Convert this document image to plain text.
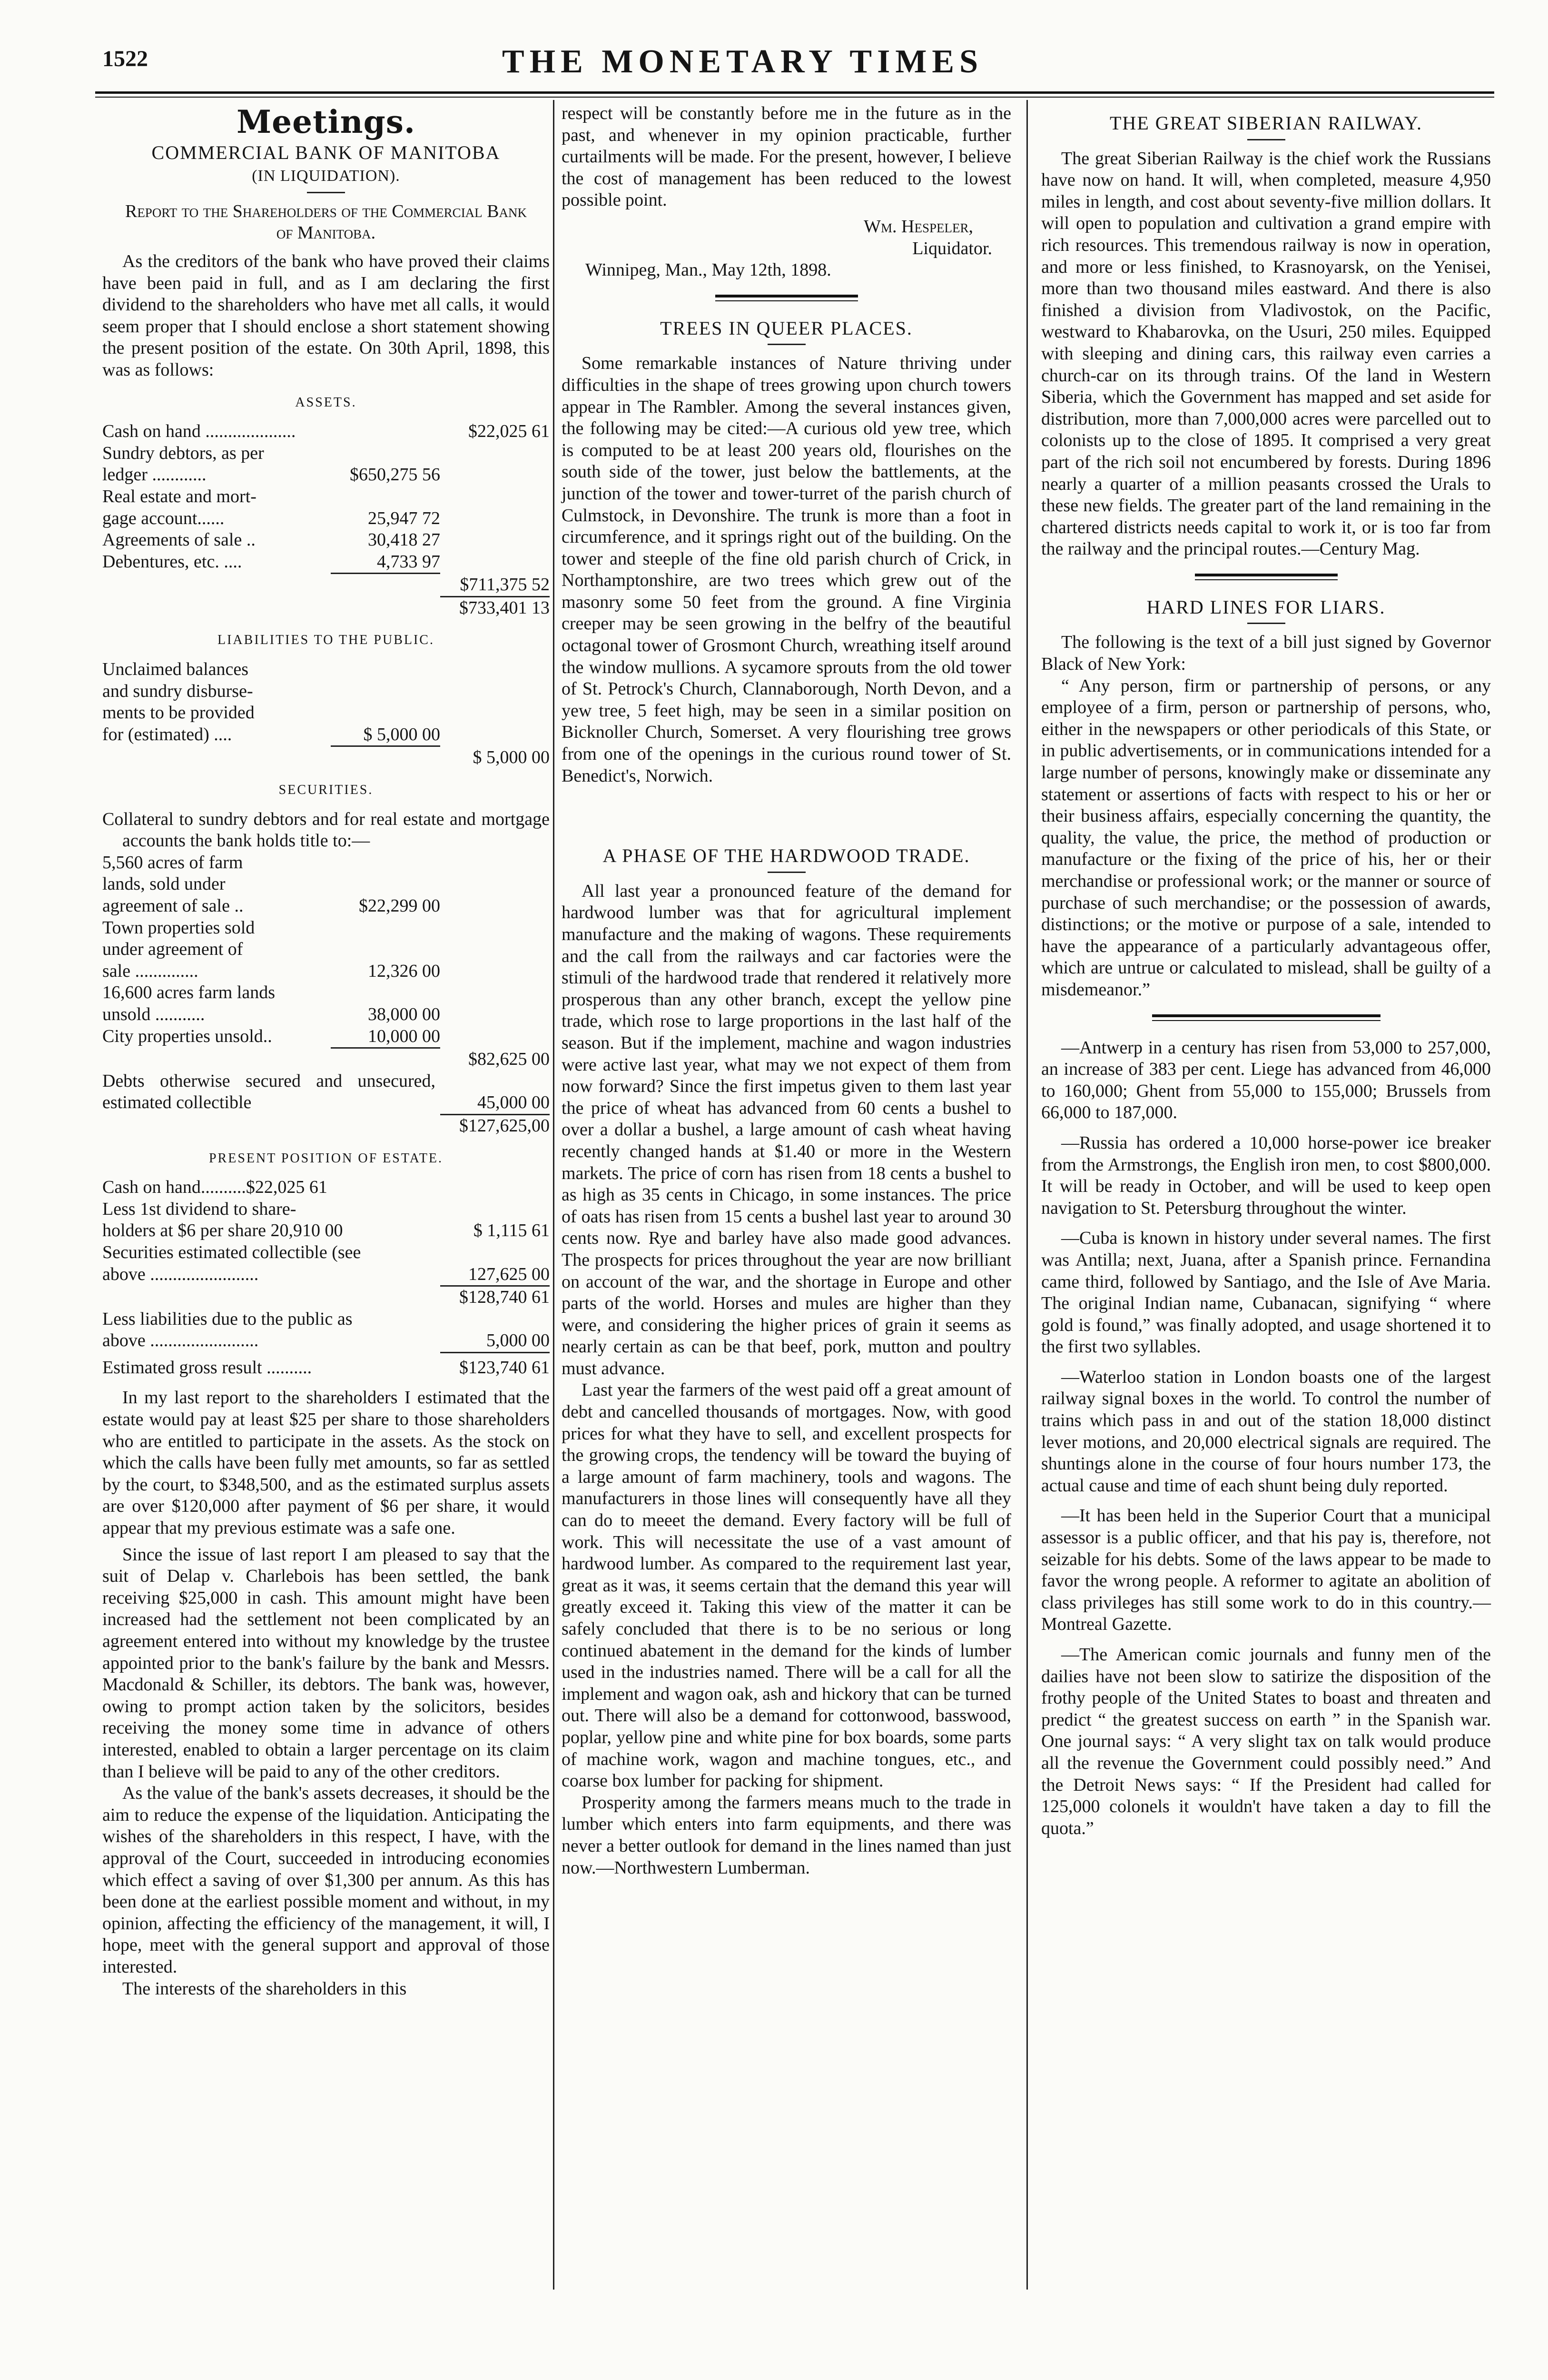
1522	THE MONETARY TIMES
Meetings.
COMMERCIAL BANK OF MANITOBA
(IN LIQUIDATION).

Report to the Shareholders of the Commercial Bank of Manitoba.

As the creditors of the bank who have proved their claims have been paid in full, and as I am declaring the first dividend to the shareholders who have met all calls, it would seem proper that I should enclose a short statement showing the present position of the estate. On 30th April, 1898, this was as follows:

ASSETS.
Cash on hand ....................	$22,025 61
Sundry debtors, as per
ledger ............	$650,275 56
Real estate and mort-
gage account......	25,947 72
Agreements of sale ..	30,418 27
Debentures, etc. ....	4,733 97
$711,375 52
$733,401 13
LIABILITIES TO THE PUBLIC.
Unclaimed balances
and sundry disburse-
ments to be provided
for (estimated) ....	$ 5,000 00
$ 5,000 00
SECURITIES.

Collateral to sundry debtors and for real estate and mortgage accounts the bank holds title to:—

5,560 acres of farm
lands, sold under
agreement of sale ..	$22,299 00
Town properties sold
under agreement of
sale ..............	12,326 00
16,600 acres farm lands
unsold ...........	38,000 00
City properties unsold..	10,000 00
$82,625 00
Debts otherwise secured and unsecured, estimated collectible	45,000 00
$127,625,00
PRESENT POSITION OF ESTATE.
Cash on hand..........$22,025 61
Less 1st dividend to share-
holders at $6 per share 20,910 00	$ 1,115 61
Securities estimated collectible (see
above ........................	127,625 00
$128,740 61
Less liabilities due to the public as
above ........................	5,000 00
Estimated gross result ..........	$123,740 61

In my last report to the shareholders I estimated that the estate would pay at least $25 per share to those shareholders who are entitled to participate in the assets. As the stock on which the calls have been fully met amounts, so far as settled by the court, to $348,500, and as the estimated surplus assets are over $120,000 after payment of $6 per share, it would appear that my previous estimate was a safe one.

Since the issue of last report I am pleased to say that the suit of Delap v. Charlebois has been settled, the bank receiving $25,000 in cash. This amount might have been increased had the settlement not been complicated by an agreement entered into without my knowledge by the trustee appointed prior to the bank's failure by the bank and Messrs. Macdonald & Schiller, its debtors. The bank was, however, owing to prompt action taken by the solicitors, besides receiving the money some time in advance of others interested, enabled to obtain a larger percentage on its claim than I believe will be paid to any of the other creditors.

As the value of the bank's assets decreases, it should be the aim to reduce the expense of the liquidation. Anticipating the wishes of the shareholders in this respect, I have, with the approval of the Court, succeeded in introducing economies which effect a saving of over $1,300 per annum. As this has been done at the earliest possible moment and without, in my opinion, affecting the efficiency of the management, it will, I hope, meet with the general support and approval of those interested.

The interests of the shareholders in this

respect will be constantly before me in the future as in the past, and whenever in my opinion practicable, further curtailments will be made. For the present, however, I believe the cost of management has been reduced to the lowest possible point.

Wm. Hespeler,
Liquidator.

Winnipeg, Man., May 12th, 1898.

TREES IN QUEER PLACES.

Some remarkable instances of Nature thriving under difficulties in the shape of trees growing upon church towers appear in The Rambler. Among the several instances given, the following may be cited:—A curious old yew tree, which is computed to be at least 200 years old, flourishes on the south side of the tower, just below the battlements, at the junction of the tower and tower-turret of the parish church of Culmstock, in Devonshire. The trunk is more than a foot in circumference, and it springs right out of the building. On the tower and steeple of the fine old parish church of Crick, in Northamptonshire, are two trees which grew out of the masonry some 50 feet from the ground. A fine Virginia creeper may be seen growing in the belfry of the beautiful octagonal tower of Grosmont Church, wreathing itself around the window mullions. A sycamore sprouts from the old tower of St. Petrock's Church, Clannaborough, North Devon, and a yew tree, 5 feet high, may be seen in a similar position on Bicknoller Church, Somerset. A very flourishing tree grows from one of the openings in the curious round tower of St. Benedict's, Norwich.

A PHASE OF THE HARDWOOD TRADE.

All last year a pronounced feature of the demand for hardwood lumber was that for agricultural implement manufacture and the making of wagons. These requirements and the call from the railways and car factories were the stimuli of the hardwood trade that rendered it relatively more prosperous than any other branch, except the yellow pine trade, which rose to large proportions in the last half of the season. But if the implement, machine and wagon industries were active last year, what may we not expect of them from now forward? Since the first impetus given to them last year the price of wheat has advanced from 60 cents a bushel to over a dollar a bushel, a large amount of cash wheat having recently changed hands at $1.40 or more in the Western markets. The price of corn has risen from 18 cents a bushel to as high as 35 cents in Chicago, in some instances. The price of oats has risen from 15 cents a bushel last year to around 30 cents now. Rye and barley have also made good advances. The prospects for prices throughout the year are now brilliant on account of the war, and the shortage in Europe and other parts of the world. Horses and mules are higher than they were, and considering the higher prices of grain it seems as nearly certain as can be that beef, pork, mutton and poultry must advance.

Last year the farmers of the west paid off a great amount of debt and cancelled thousands of mortgages. Now, with good prices for what they have to sell, and excellent prospects for the growing crops, the tendency will be toward the buying of a large amount of farm machinery, tools and wagons. The manufacturers in those lines will consequently have all they can do to meeet the demand. Every factory will be full of work. This will necessitate the use of a vast amount of hardwood lumber. As compared to the requirement last year, great as it was, it seems certain that the demand this year will greatly exceed it. Taking this view of the matter it can be safely concluded that there is to be no serious or long continued abatement in the demand for the kinds of lumber used in the industries named. There will be a call for all the implement and wagon oak, ash and hickory that can be turned out. There will also be a demand for cottonwood, basswood, poplar, yellow pine and white pine for box boards, some parts of machine work, wagon and machine tongues, etc., and coarse box lumber for packing for shipment.

Prosperity among the farmers means much to the trade in lumber which enters into farm equipments, and there was never a better outlook for demand in the lines named than just now.—Northwestern Lumberman.

THE GREAT SIBERIAN RAILWAY.

The great Siberian Railway is the chief work the Russians have now on hand. It will, when completed, measure 4,950 miles in length, and cost about seventy-five million dollars. It will open to population and cultivation a grand empire with rich resources. This tremendous railway is now in operation, and more or less finished, to Krasnoyarsk, on the Yenisei, more than two thousand miles eastward. And there is also finished a division from Vladivostok, on the Pacific, westward to Khabarovka, on the Usuri, 250 miles. Equipped with sleeping and dining cars, this railway even carries a church-car on its through trains. Of the land in Western Siberia, which the Government has mapped and set aside for distribution, more than 7,000,000 acres were parcelled out to colonists up to the close of 1895. It comprised a very great part of the rich soil not encumbered by forests. During 1896 nearly a quarter of a million peasants crossed the Urals to these new fields. The greater part of the land remaining in the chartered districts needs capital to work it, or is too far from the railway and the principal routes.—Century Mag.

HARD LINES FOR LIARS.

The following is the text of a bill just signed by Governor Black of New York:

“ Any person, firm or partnership of persons, or any employee of a firm, person or partnership of persons, who, either in the newspapers or other periodicals of this State, or in public advertisements, or in communications intended for a large number of persons, knowingly make or disseminate any statement or assertions of facts with respect to his or her or their business affairs, especially concerning the quantity, the quality, the value, the price, the method of production or manufacture or the fixing of the price of his, her or their merchandise or professional work; or the manner or source of purchase of such merchandise; or the possession of awards, distinctions; or the motive or purpose of a sale, intended to have the appearance of a particularly advantageous offer, which are untrue or calculated to mislead, shall be guilty of a misdemeanor.”

—Antwerp in a century has risen from 53,000 to 257,000, an increase of 383 per cent. Liege has advanced from 46,000 to 160,000; Ghent from 55,000 to 155,000; Brussels from 66,000 to 187,000.

—Russia has ordered a 10,000 horse-power ice breaker from the Armstrongs, the English iron men, to cost $800,000. It will be ready in October, and will be used to keep open navigation to St. Petersburg throughout the winter.

—Cuba is known in history under several names. The first was Antilla; next, Juana, after a Spanish prince. Fernandina came third, followed by Santiago, and the Isle of Ave Maria. The original Indian name, Cubanacan, signifying “ where gold is found,” was finally adopted, and usage shortened it to the first two syllables.

—Waterloo station in London boasts one of the largest railway signal boxes in the world. To control the number of trains which pass in and out of the station 18,000 distinct lever motions, and 20,000 electrical signals are required. The shuntings alone in the course of four hours number 173, the actual cause and time of each shunt being duly reported.

—It has been held in the Superior Court that a municipal assessor is a public officer, and that his pay is, therefore, not seizable for his debts. Some of the laws appear to be made to favor the wrong people. A reformer to agitate an abolition of class privileges has still some work to do in this country.—Montreal Gazette.

—The American comic journals and funny men of the dailies have not been slow to satirize the disposition of the frothy people of the United States to boast and threaten and predict “ the greatest success on earth ” in the Spanish war. One journal says: “ A very slight tax on talk would produce all the revenue the Government could possibly need.” And the Detroit News says: “ If the President had called for 125,000 colonels it wouldn't have taken a day to fill the quota.”
